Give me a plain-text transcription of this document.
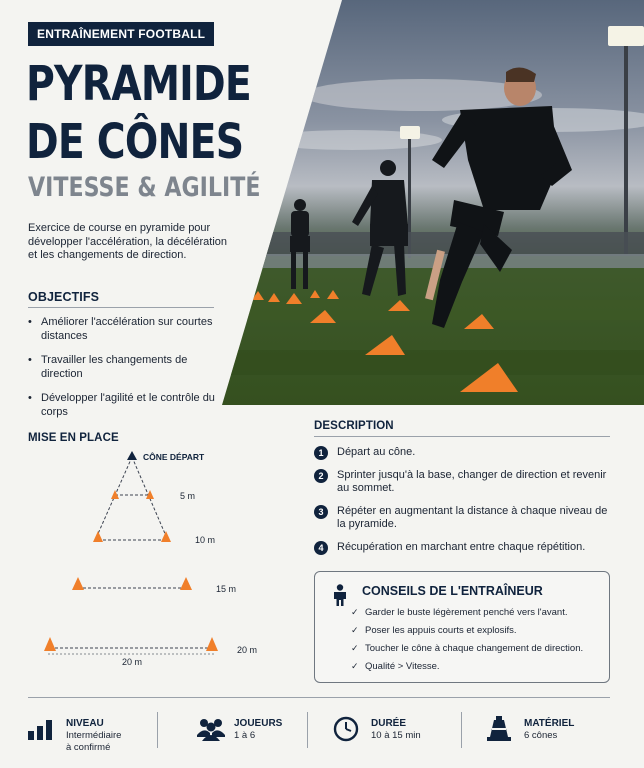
ENTRAÎNEMENT FOOTBALL
PYRAMIDE
DE CÔNES
VITESSE & AGILITÉ

Exercice de course en pyramide pour développer l'accélération, la décélération et les changements de direction.

OBJECTIFS
• Améliorer l'accélération sur courtes distances
• Travailler les changements de direction
• Développer l'agilité et le contrôle du corps
MISE EN PLACE
CÔNE DÉPART
5 m
10 m
15 m
20 m
20 m
DESCRIPTION
1	Départ au cône.
2	Sprinter jusqu'à la base, changer de direction et revenir au sommet.
3	Répéter en augmentant la distance à chaque niveau de la pyramide.
4	Récupération en marchant entre chaque répétition.
CONSEILS DE L'ENTRAÎNEUR
✓ Garder le buste légèrement penché vers l'avant.
✓ Poser les appuis courts et explosifs.
✓ Toucher le cône à chaque changement de direction.
✓ Qualité > Vitesse.
NIVEAU
Intermédiaire
à confirmé
JOUEURS
1 à 6
DURÉE
10 à 15 min
MATÉRIEL
6 cônes
